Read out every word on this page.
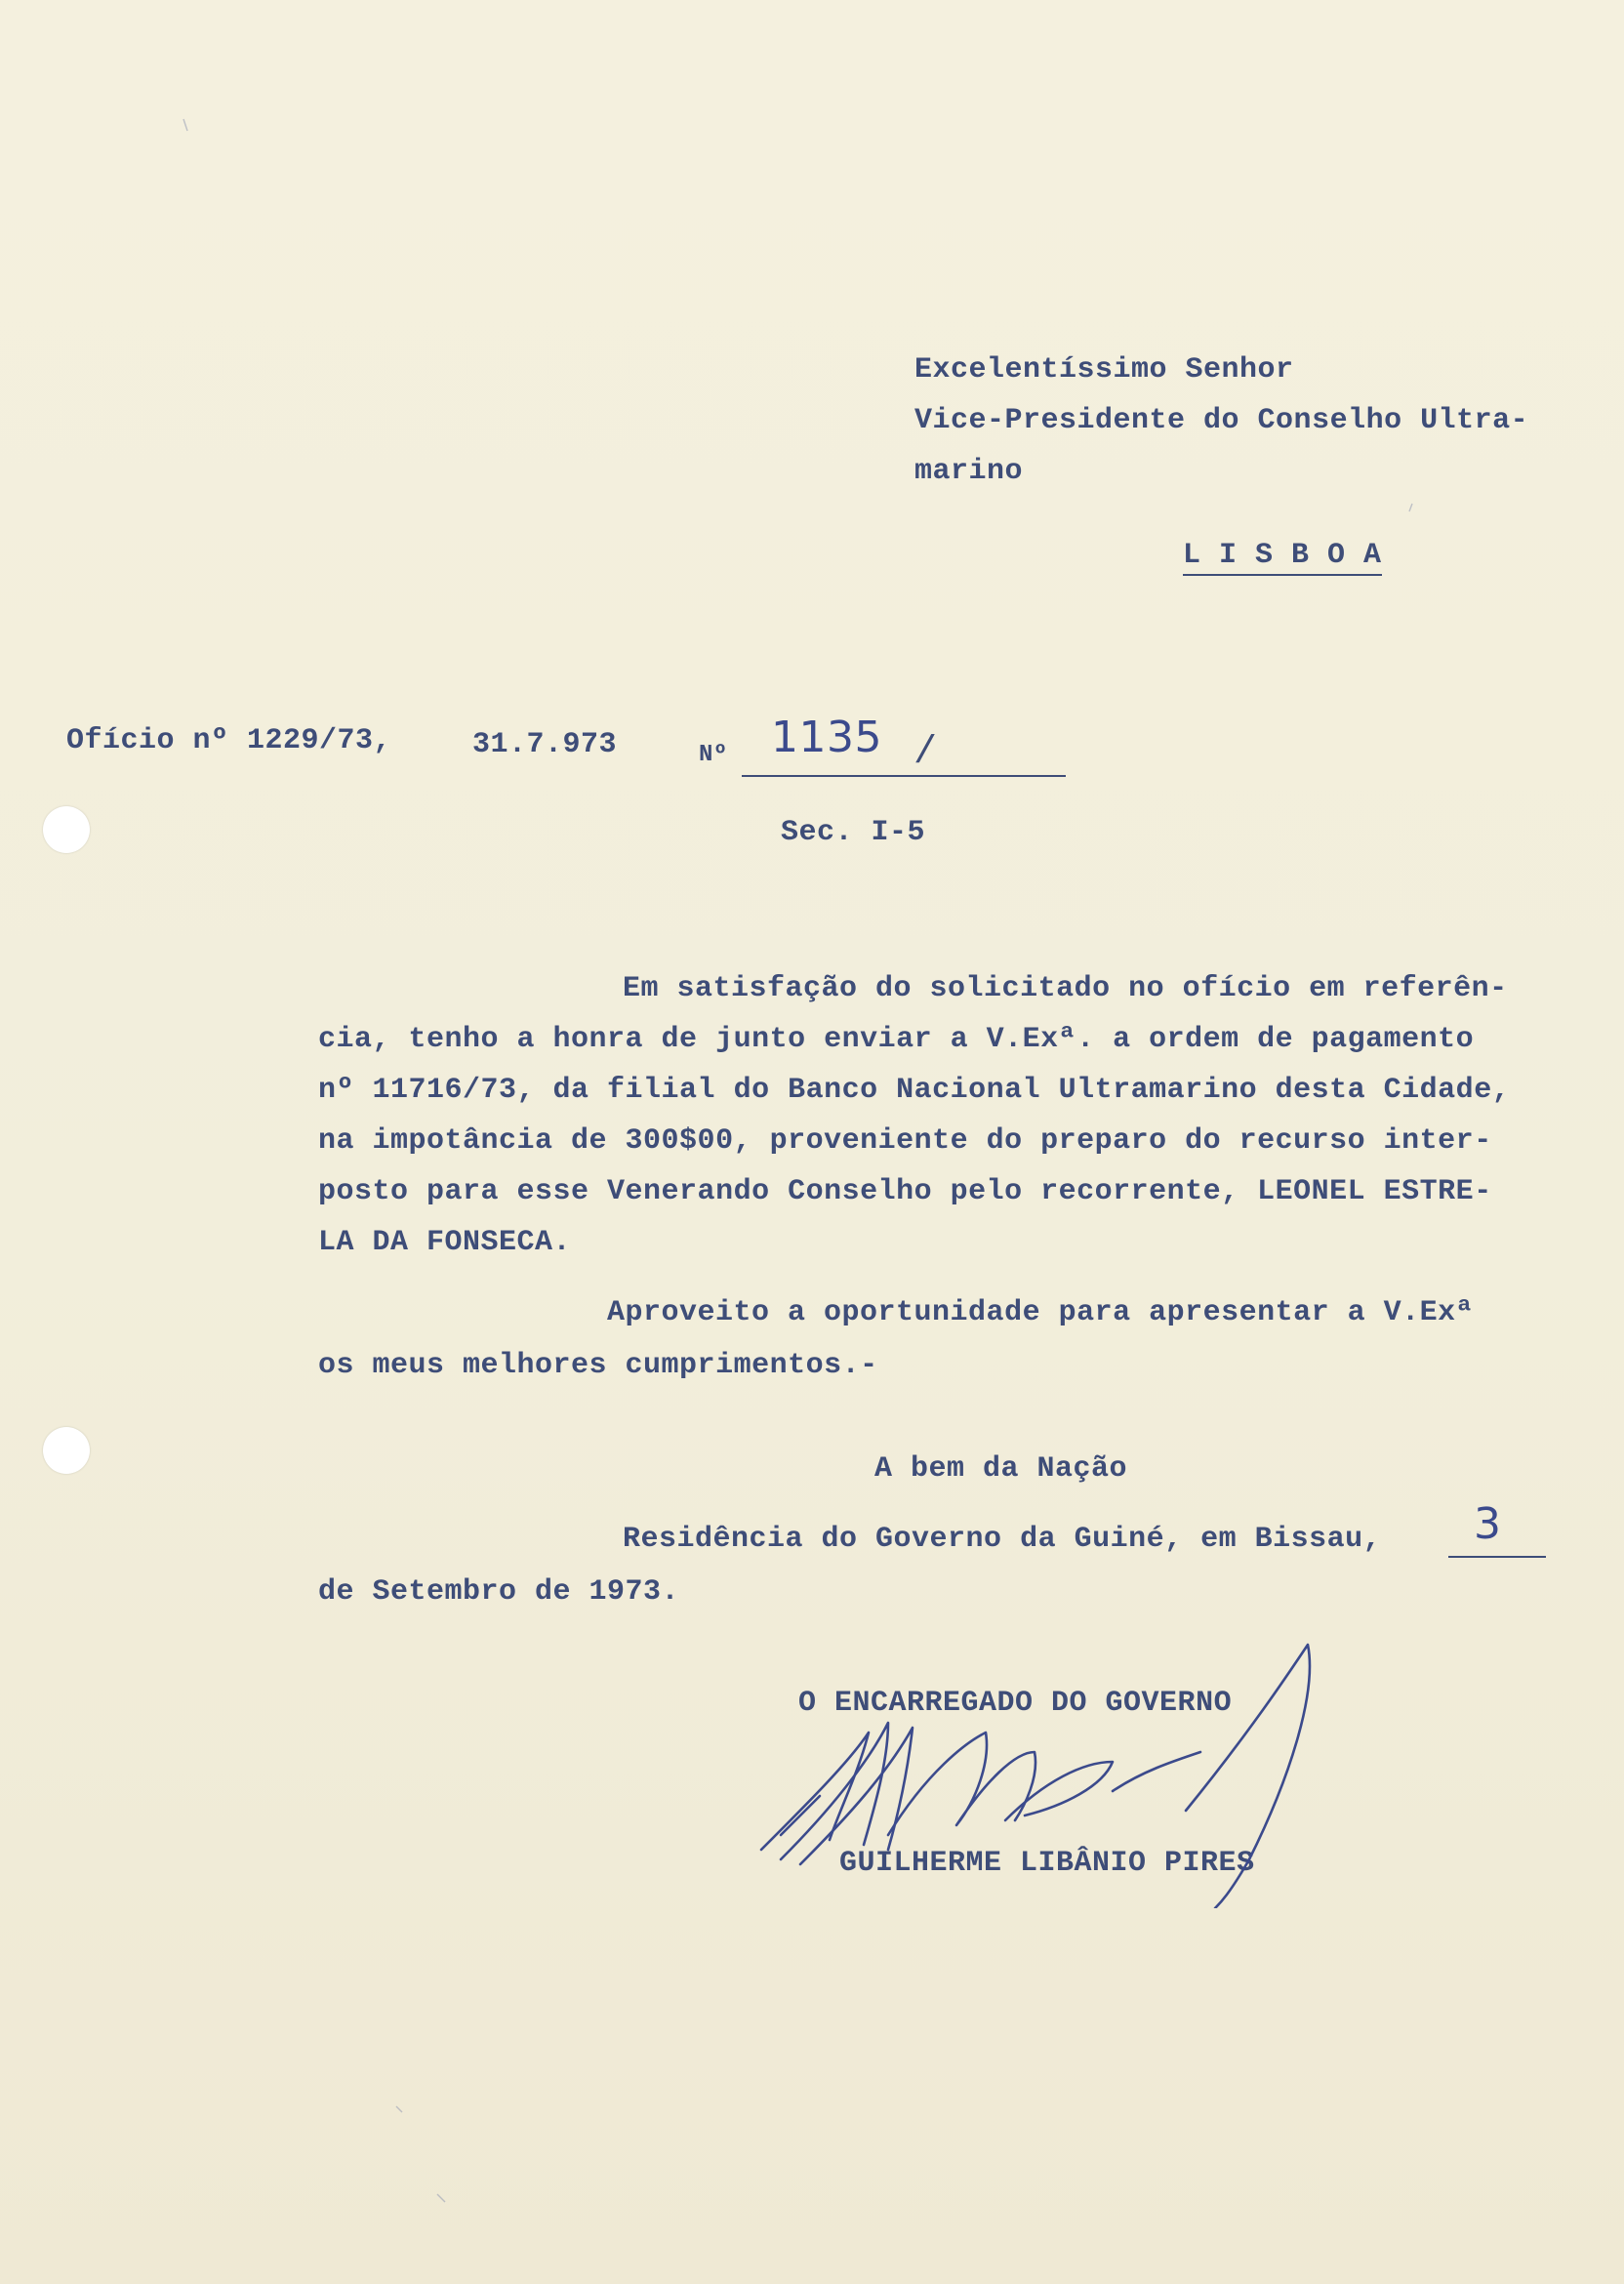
Excelentíssimo Senhor
Vice-Presidente do Conselho Ultra-
marino
L I S B O A
Ofício nº 1229/73,	31.7.973	Nº 1135 /
Sec. I-5
Em satisfação do solicitado no ofício em referên-
cia, tenho a honra de junto enviar a V.Exª. a ordem de pagamento
nº 11716/73, da filial do Banco Nacional Ultramarino desta Cidade,
na impotância de 300$00, proveniente do preparo do recurso inter-
posto para esse Venerando Conselho pelo recorrente, LEONEL ESTRE-
LA DA FONSECA.
Aproveito a oportunidade para apresentar a V.Exª
os meus melhores cumprimentos.-
A bem da Nação
Residência do Governo da Guiné, em Bissau, 3
de Setembro de 1973.
O ENCARREGADO DO GOVERNO
GUILHERME LIBÂNIO PIRES
